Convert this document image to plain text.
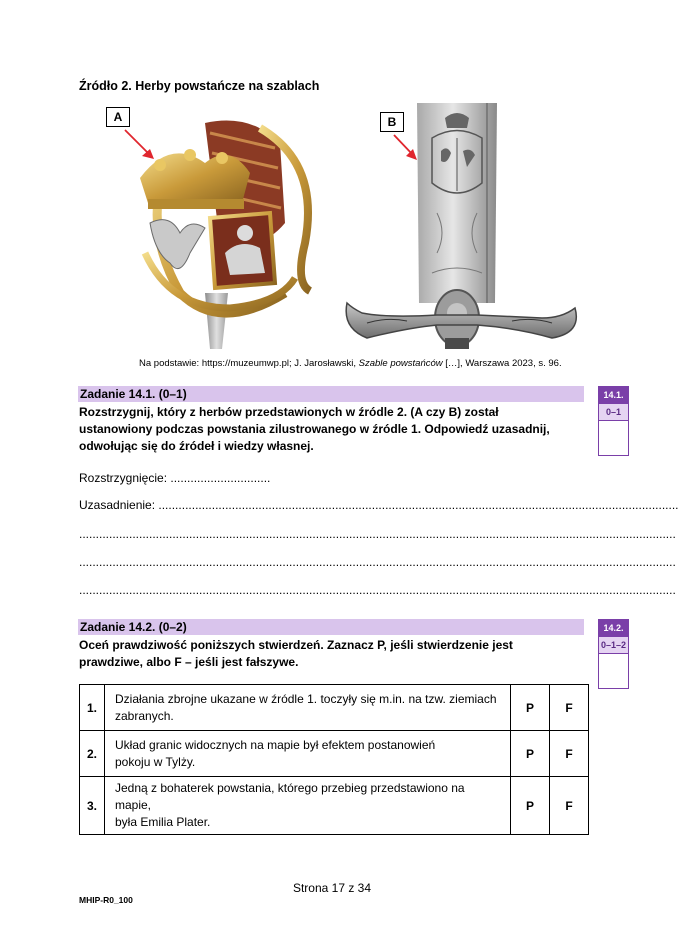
Źródło 2. Herby powstańcze na szablach
A	B
Na podstawie: https://muzeumwp.pl; J. Jarosławski, Szable powstańców […], Warszawa 2023, s. 96.
Zadanie 14.1. (0–1)
Rozstrzygnij, który z herbów przedstawionych w źródle 2. (A czy B) został
ustanowiony podczas powstania zilustrowanego w źródle 1. Odpowiedź uzasadnij,
odwołując się do źródeł i wiedzy własnej.
14.1.
0–1
Rozstrzygnięcie: ..............................
Uzasadnienie: ............................................................................................................................................................
...................................................................................................................................................................................
...................................................................................................................................................................................
...................................................................................................................................................................................
Zadanie 14.2. (0–2)
Oceń prawdziwość poniższych stwierdzeń. Zaznacz P, jeśli stwierdzenie jest
prawdziwe, albo F – jeśli jest fałszywe.
14.2.
0–1–2
1.	Działania zbrojne ukazane w źródle 1. toczyły się m.in. na tzw. ziemiach
zabranych.	P	F
2.	Układ granic widocznych na mapie był efektem postanowień
pokoju w Tylży.	P	F
3.	Jedną z bohaterek powstania, którego przebieg przedstawiono na mapie,
była Emilia Plater.	P	F
Strona 17 z 34
MHIP-R0_100
